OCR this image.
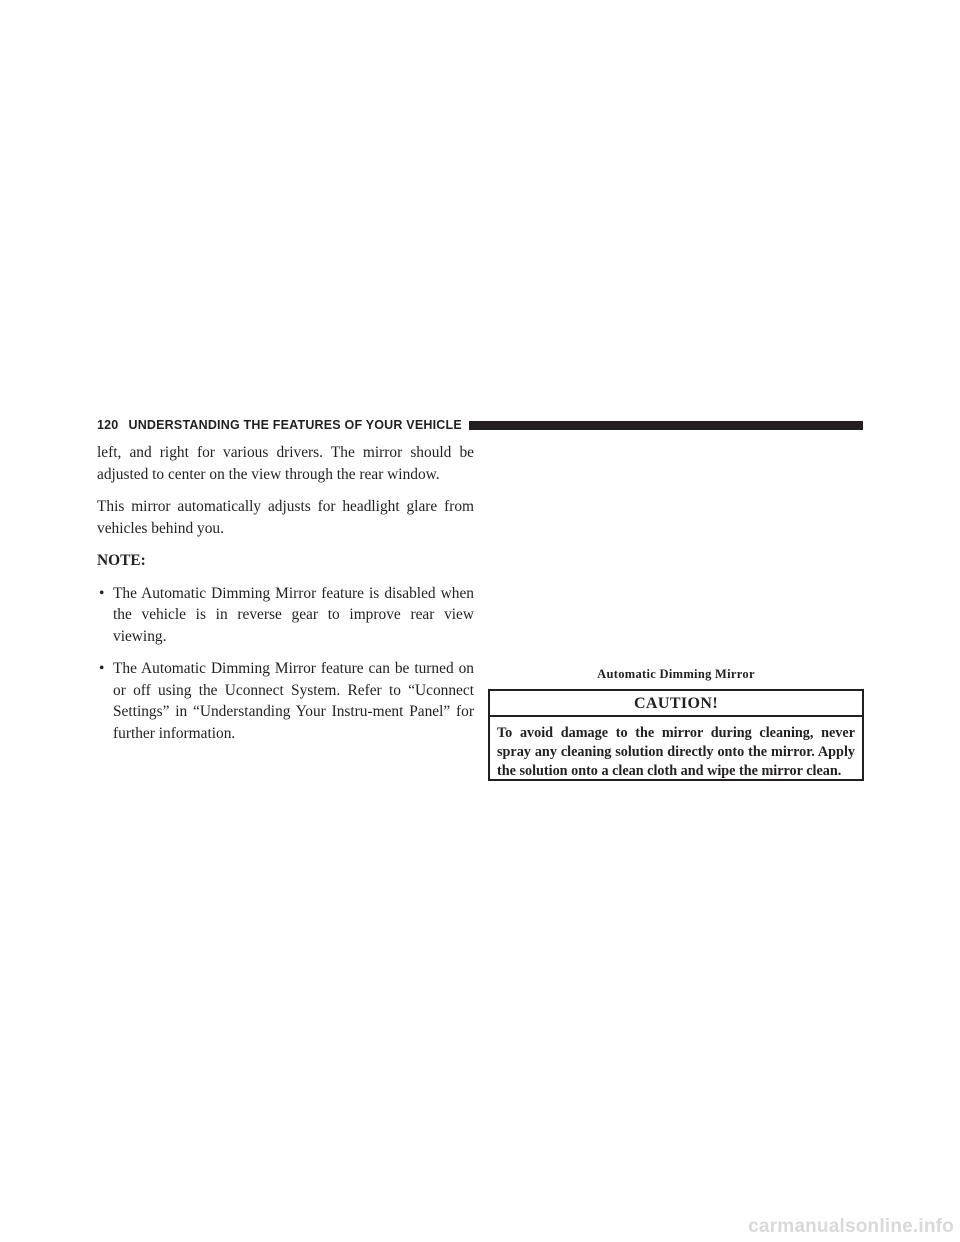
120 UNDERSTANDING THE FEATURES OF YOUR VEHICLE

left, and right for various drivers. The mirror should be adjusted to center on the view through the rear window.

This mirror automatically adjusts for headlight glare from vehicles behind you.

NOTE:

• The Automatic Dimming Mirror feature is disabled when the vehicle is in reverse gear to improve rear view viewing.
• The Automatic Dimming Mirror feature can be turned on or off using the Uconnect System. Refer to “Uconnect Settings” in “Understanding Your Instru-ment Panel” for further information.
Automatic Dimming Mirror
CAUTION!
To avoid damage to the mirror during cleaning, never spray any cleaning solution directly onto the mirror. Apply the solution onto a clean cloth and wipe the mirror clean.
carmanualsonline.info
